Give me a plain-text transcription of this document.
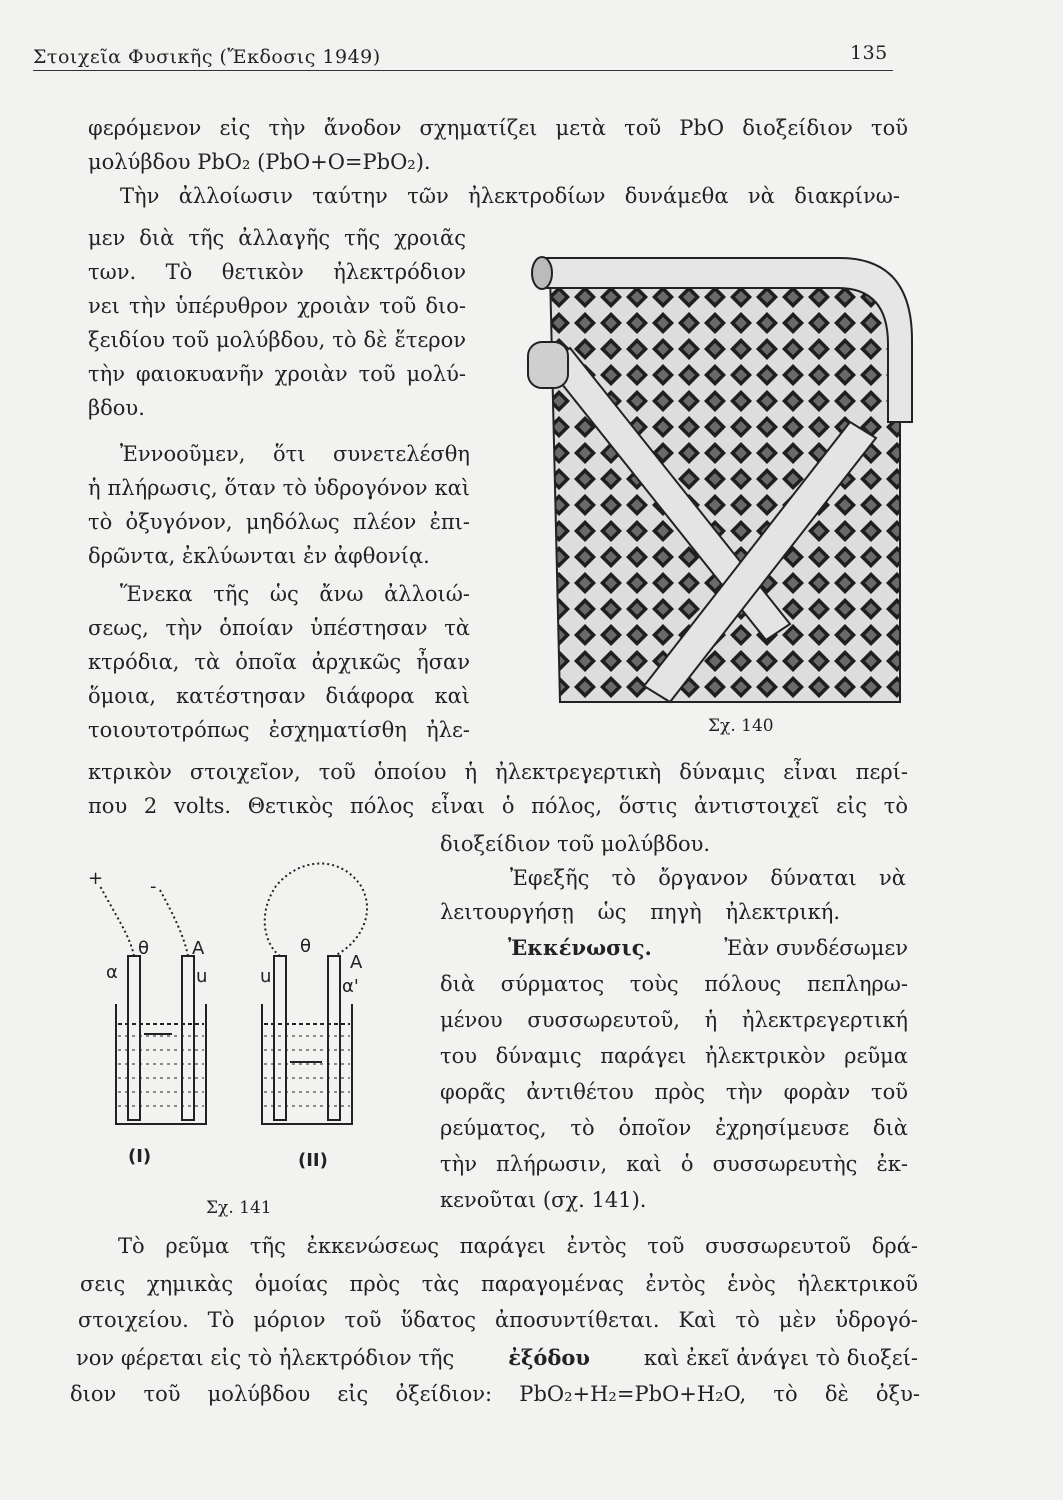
Στοιχεῖα Φυσικῆς (Ἔκδοσις 1949)	135
φερόμενον εἰς τὴν ἄνοδον σχηματίζει μετὰ τοῦ PbO διοξείδιον τοῦ
μολύβδου PbO₂ (PbO+O=PbO₂).
Τὴν ἀλλοίωσιν ταύτην τῶν ἠλεκτροδίων δυνάμεθα νὰ διακρίνω-
μεν διὰ τῆς ἀλλαγῆς τῆς χροιᾶς
των. Τὸ θετικὸν ἠλεκτρόδιον
νει τὴν ὑπέρυθρον χροιὰν τοῦ διο-
ξειδίου τοῦ μολύβδου, τὸ δὲ ἕτερον
τὴν φαιοκυανῆν χροιὰν τοῦ μολύ-
βδου.
Ἐννοοῦμεν, ὅτι συνετελέσθη
ἡ πλήρωσις, ὅταν τὸ ὑδρογόνον καὶ
τὸ ὀξυγόνον, μηδόλως πλέον ἐπι-
δρῶντα, ἐκλύωνται ἐν ἀφθονίᾳ.
Ἕνεκα τῆς ὡς ἄνω ἀλλοιώ-
σεως, τὴν ὁποίαν ὑπέστησαν τὰ
κτρόδια, τὰ ὁποῖα ἀρχικῶς ἦσαν
ὅμοια, κατέστησαν διάφορα καὶ
τοιουτοτρόπως ἐσχηματίσθη ἠλε-
κτρικὸν στοιχεῖον, τοῦ ὁποίου ἡ ἠλεκτρεγερτικὴ δύναμις εἶναι περί-
που 2 volts. Θετικὸς πόλος εἶναι ὁ πόλος, ὅστις ἀντιστοιχεῖ εἰς τὸ
διοξείδιον τοῦ μολύβδου.
Ἐφεξῆς τὸ ὄργανον δύναται νὰ
λειτουργήσῃ ὡς πηγὴ ἠλεκτρική.
Ἐκκένωσις.	Ἐὰν συνδέσωμεν
διὰ σύρματος τοὺς πόλους πεπληρω-
μένου συσσωρευτοῦ, ἡ ἠλεκτρεγερτική
του δύναμις παράγει ἠλεκτρικὸν ρεῦμα
φορᾶς ἀντιθέτου πρὸς τὴν φορὰν τοῦ
ρεύματος, τὸ ὁποῖον ἐχρησίμευσε διὰ
τὴν πλήρωσιν, καὶ ὁ συσσωρευτὴς ἐκ-
κενοῦται (σχ. 141).
Τὸ ρεῦμα τῆς ἐκκενώσεως παράγει ἐντὸς τοῦ συσσωρευτοῦ δρά-
σεις χημικὰς ὁμοίας πρὸς τὰς παραγομένας ἐντὸς ἑνὸς ἠλεκτρικοῦ
στοιχείου. Τὸ μόριον τοῦ ὕδατος ἀποσυντίθεται. Καὶ τὸ μὲν ὑδρογό-
νον φέρεται εἰς τὸ ἠλεκτρόδιον τῆς	ἐξόδου	καὶ ἐκεῖ ἀνάγει τὸ διοξεί-
διον τοῦ μολύβδου εἰς ὀξείδιον: PbO₂+H₂=PbO+H₂O, τὸ δὲ ὀξυ-
Σχ. 140
+	-
θ A
α	u
θ
A
u	α'
(I)	(II)
Σχ. 141
